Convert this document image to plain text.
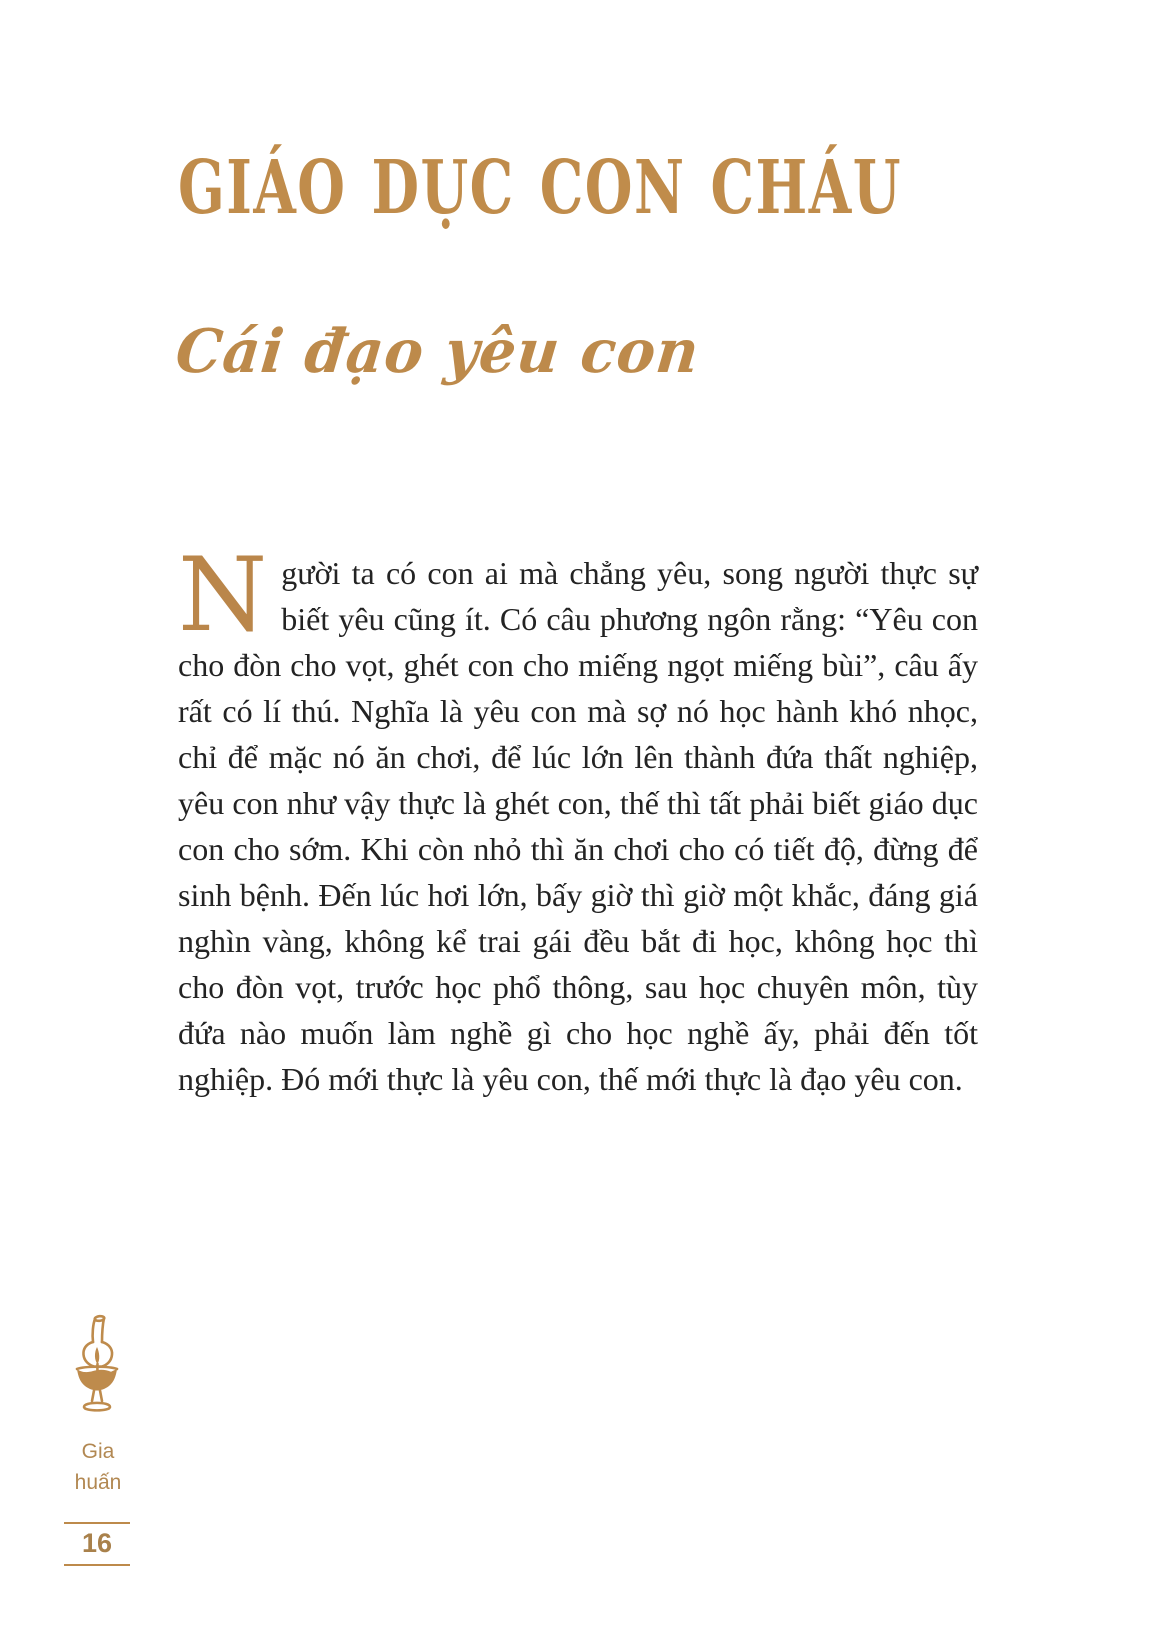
GIÁO DỤC CON CHÁU
Cái đạo yêu con

Người ta có con ai mà chẳng yêu, song người thực sự biết yêu cũng ít. Có câu phương ngôn rằng: “Yêu con cho đòn cho vọt, ghét con cho miếng ngọt miếng bùi”, câu ấy rất có lí thú. Nghĩa là yêu con mà sợ nó học hành khó nhọc, chỉ để mặc nó ăn chơi, để lúc lớn lên thành đứa thất nghiệp, yêu con như vậy thực là ghét con, thế thì tất phải biết giáo dục con cho sớm. Khi còn nhỏ thì ăn chơi cho có tiết độ, đừng để sinh bệnh. Đến lúc hơi lớn, bấy giờ thì giờ một khắc, đáng giá nghìn vàng, không kể trai gái đều bắt đi học, không học thì cho đòn vọt, trước học phổ thông, sau học chuyên môn, tùy đứa nào muốn làm nghề gì cho học nghề ấy, phải đến tốt nghiệp. Đó mới thực là yêu con, thế mới thực là đạo yêu con.

Gia huấn
16
